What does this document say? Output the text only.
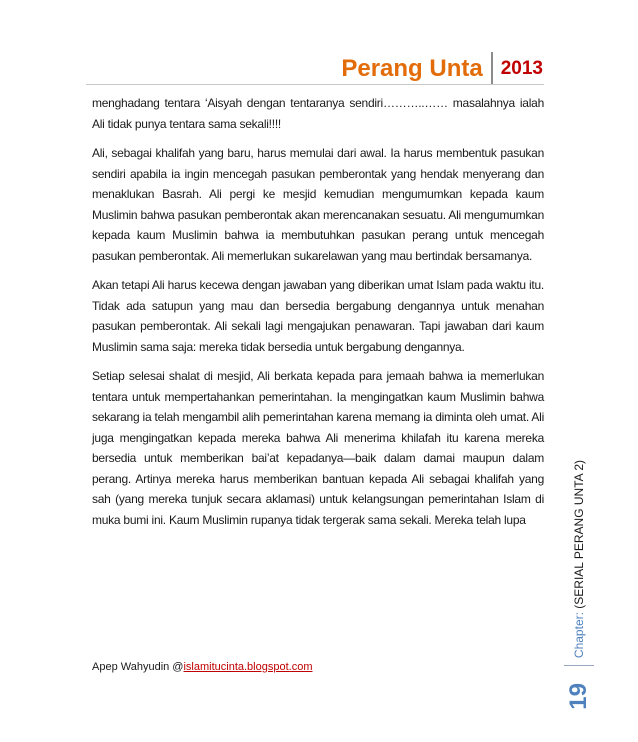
Perang Unta 2013

menghadang tentara ‘Aisyah dengan tentaranya sendiri………..…… masalahnya ialah Ali tidak punya tentara sama sekali!!!!

Ali, sebagai khalifah yang baru, harus memulai dari awal. Ia harus membentuk pasukan sendiri apabila ia ingin mencegah pasukan pemberontak yang hendak menyerang dan menaklukan Basrah. Ali pergi ke mesjid kemudian mengumumkan kepada kaum Muslimin bahwa pasukan pemberontak akan merencanakan sesuatu. Ali mengumumkan kepada kaum Muslimin bahwa ia membutuhkan pasukan perang untuk mencegah pasukan pemberontak. Ali memerlukan sukarelawan yang mau bertindak bersamanya.

Akan tetapi Ali harus kecewa dengan jawaban yang diberikan umat Islam pada waktu itu. Tidak ada satupun yang mau dan bersedia bergabung dengannya untuk menahan pasukan pemberontak. Ali sekali lagi mengajukan penawaran. Tapi jawaban dari kaum Muslimin sama saja: mereka tidak bersedia untuk bergabung dengannya.

Setiap selesai shalat di mesjid, Ali berkata kepada para jemaah bahwa ia memerlukan tentara untuk mempertahankan pemerintahan. Ia mengingatkan kaum Muslimin bahwa sekarang ia telah mengambil alih pemerintahan karena memang ia diminta oleh umat. Ali juga mengingatkan kepada mereka bahwa Ali menerima khilafah itu karena mereka bersedia untuk memberikan bai’at kepadanya—baik dalam damai maupun dalam perang. Artinya mereka harus memberikan bantuan kepada Ali sebagai khalifah yang sah (yang mereka tunjuk secara aklamasi) untuk kelangsungan pemerintahan Islam di muka bumi ini. Kaum Muslimin rupanya tidak tergerak sama sekali. Mereka telah lupa

Chapter: (SERIAL PERANG UNTA 2)
19
Apep Wahyudin @islamitucinta.blogspot.com
